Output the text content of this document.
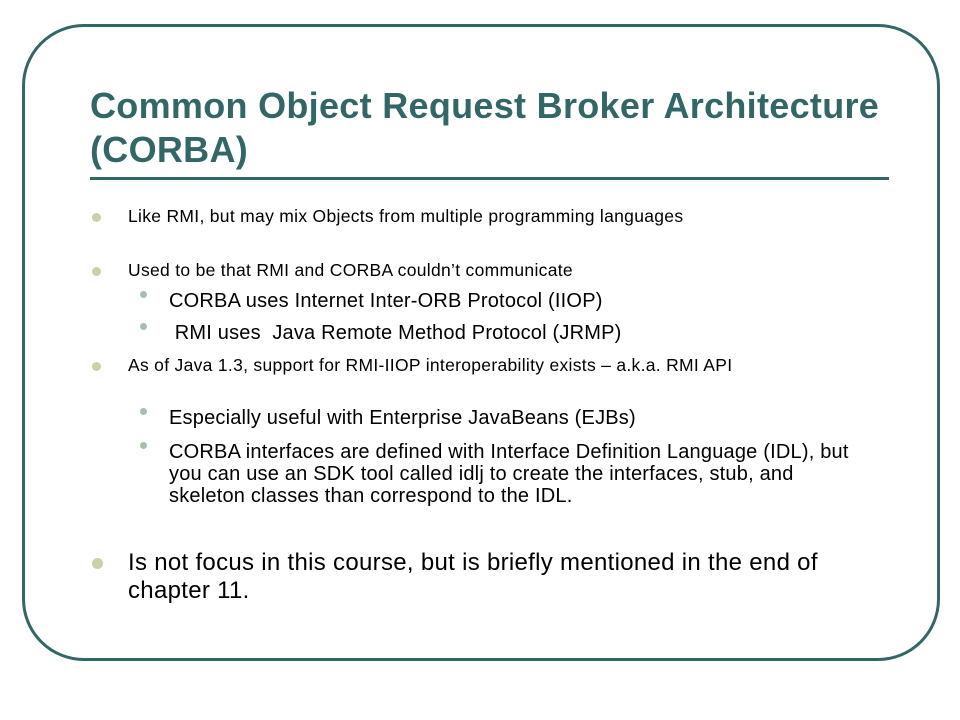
Common Object Request Broker Architecture (CORBA)
Like RMI, but may mix Objects from multiple programming languages
Used to be that RMI and CORBA couldn’t communicate
CORBA uses Internet Inter-ORB Protocol (IIOP)
RMI uses  Java Remote Method Protocol (JRMP)
As of Java 1.3, support for RMI-IIOP interoperability exists – a.k.a. RMI API
Especially useful with Enterprise JavaBeans (EJBs)
CORBA interfaces are defined with Interface Definition Language (IDL), but you can use an SDK tool called idlj to create the interfaces, stub, and skeleton classes than correspond to the IDL.
Is not focus in this course, but is briefly mentioned in the end of chapter 11.
